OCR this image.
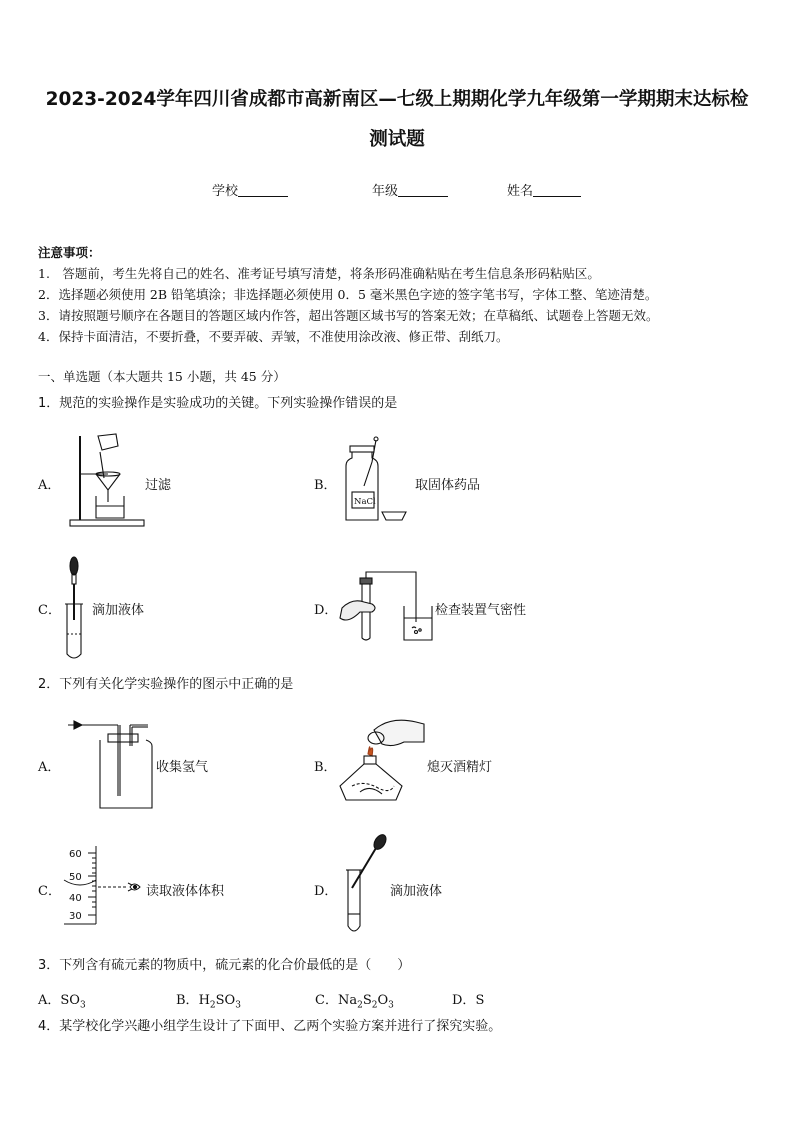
2023-2024学年四川省成都市高新南区—七级上期期化学九年级第一学期期末达标检
测试题
学校	年级	姓名
注意事项：
1.　答题前，考生先将自己的姓名、准考证号填写清楚，将条形码准确粘贴在考生信息条形码粘贴区。
2．选择题必须使用 2B 铅笔填涂；非选择题必须使用 0．5 毫米黑色字迹的签字笔书写，字体工整、笔迹清楚。
3．请按照题号顺序在各题目的答题区域内作答，超出答题区域书写的答案无效；在草稿纸、试题卷上答题无效。
4．保持卡面清洁，不要折叠，不要弄破、弄皱，不准使用涂改液、修正带、刮纸刀。
一、单选题（本大题共 15 小题，共 45 分）
1．规范的实验操作是实验成功的关键。下列实验操作错误的是
A．	过滤	B．
NaCl
取固体药品
C． 滴加液体	D．	检查装置气密性
2．下列有关化学实验操作的图示中正确的是
A．	收集氢气	B．	熄灭酒精灯
C．
60
50
40
30
读取液体体积	D．	滴加液体
3．下列含有硫元素的物质中，硫元素的化合价最低的是（　　）
A．$SO_3$	B．$H_2SO_3$	C．$Na_2S_2O_3$	D．S
4．某学校化学兴趣小组学生设计了下面甲、乙两个实验方案并进行了探究实验。
